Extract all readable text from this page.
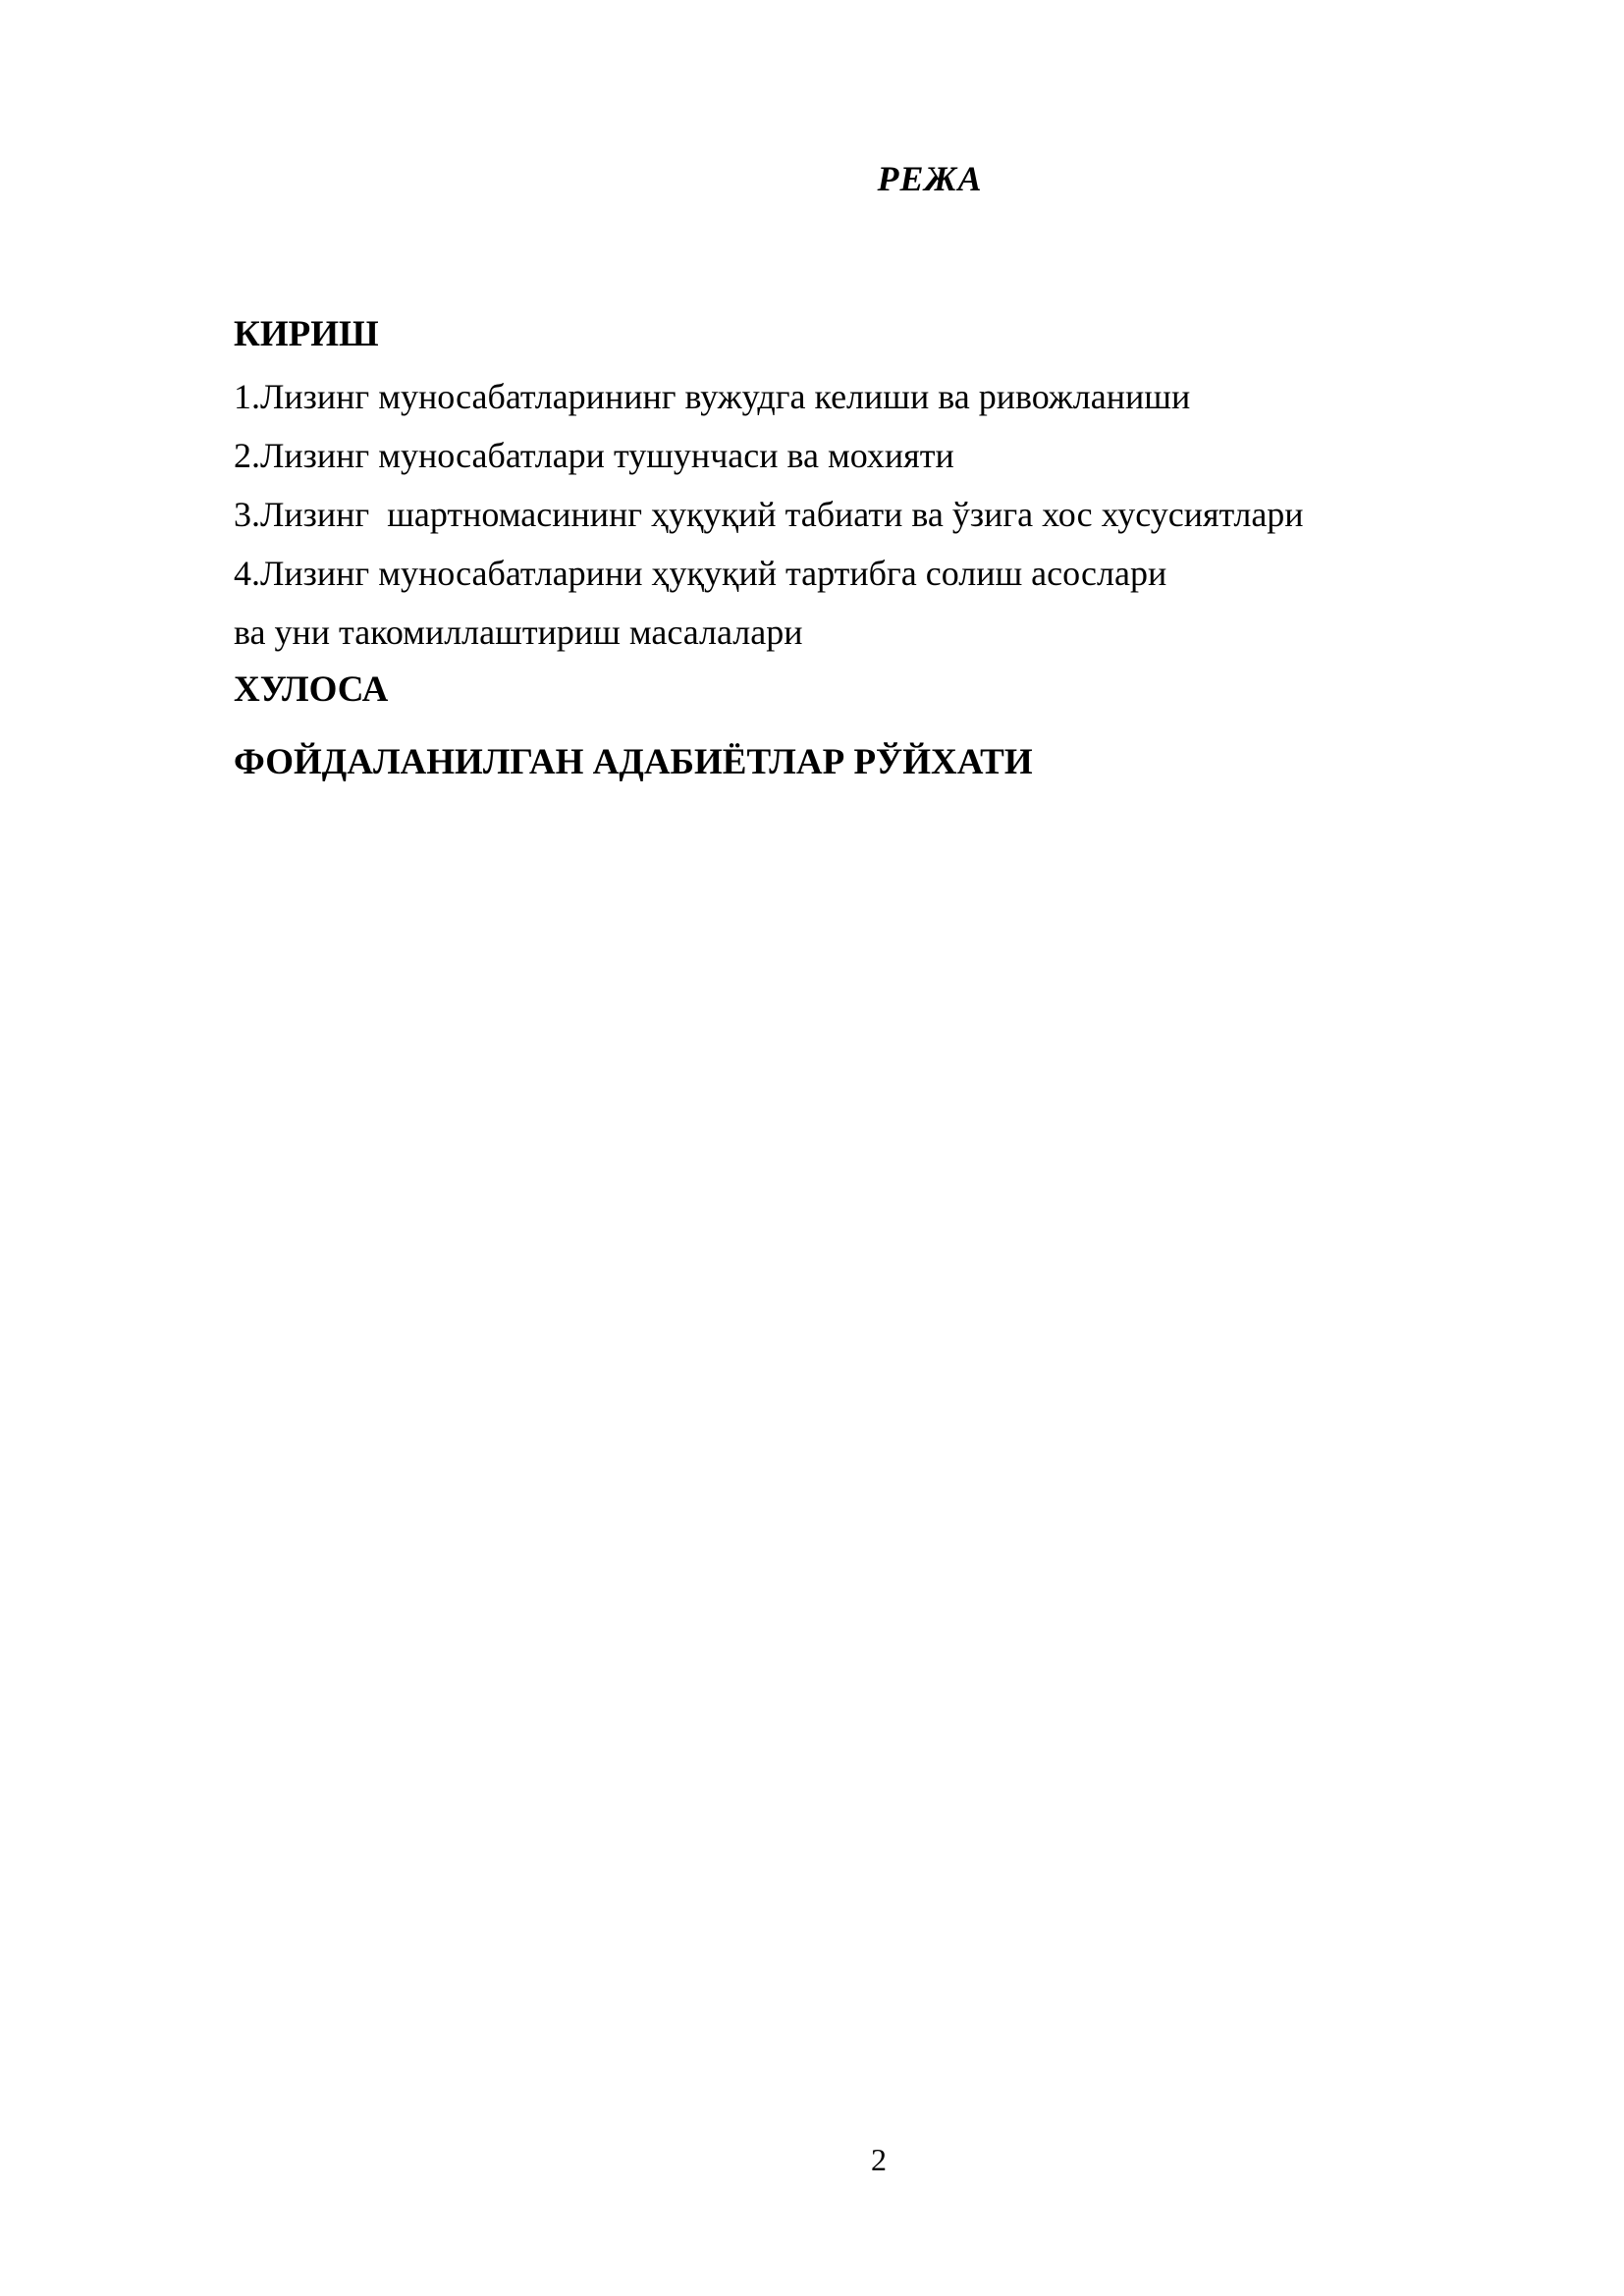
РЕЖА

КИРИШ

1.Лизинг муносабатларининг вужудга келиши ва ривожланиши
2.Лизинг муносабатлари тушунчаси ва мохияти
3.Лизинг  шартномасининг ҳуқуқий табиати ва ўзига хос хусусиятлари
4.Лизинг муносабатларини ҳуқуқий тартибга солиш асослари
ва уни такомиллаштириш масалалари

ХУЛОСА

ФОЙДАЛАНИЛГАН АДАБИЁТЛАР РЎЙХАТИ

2
